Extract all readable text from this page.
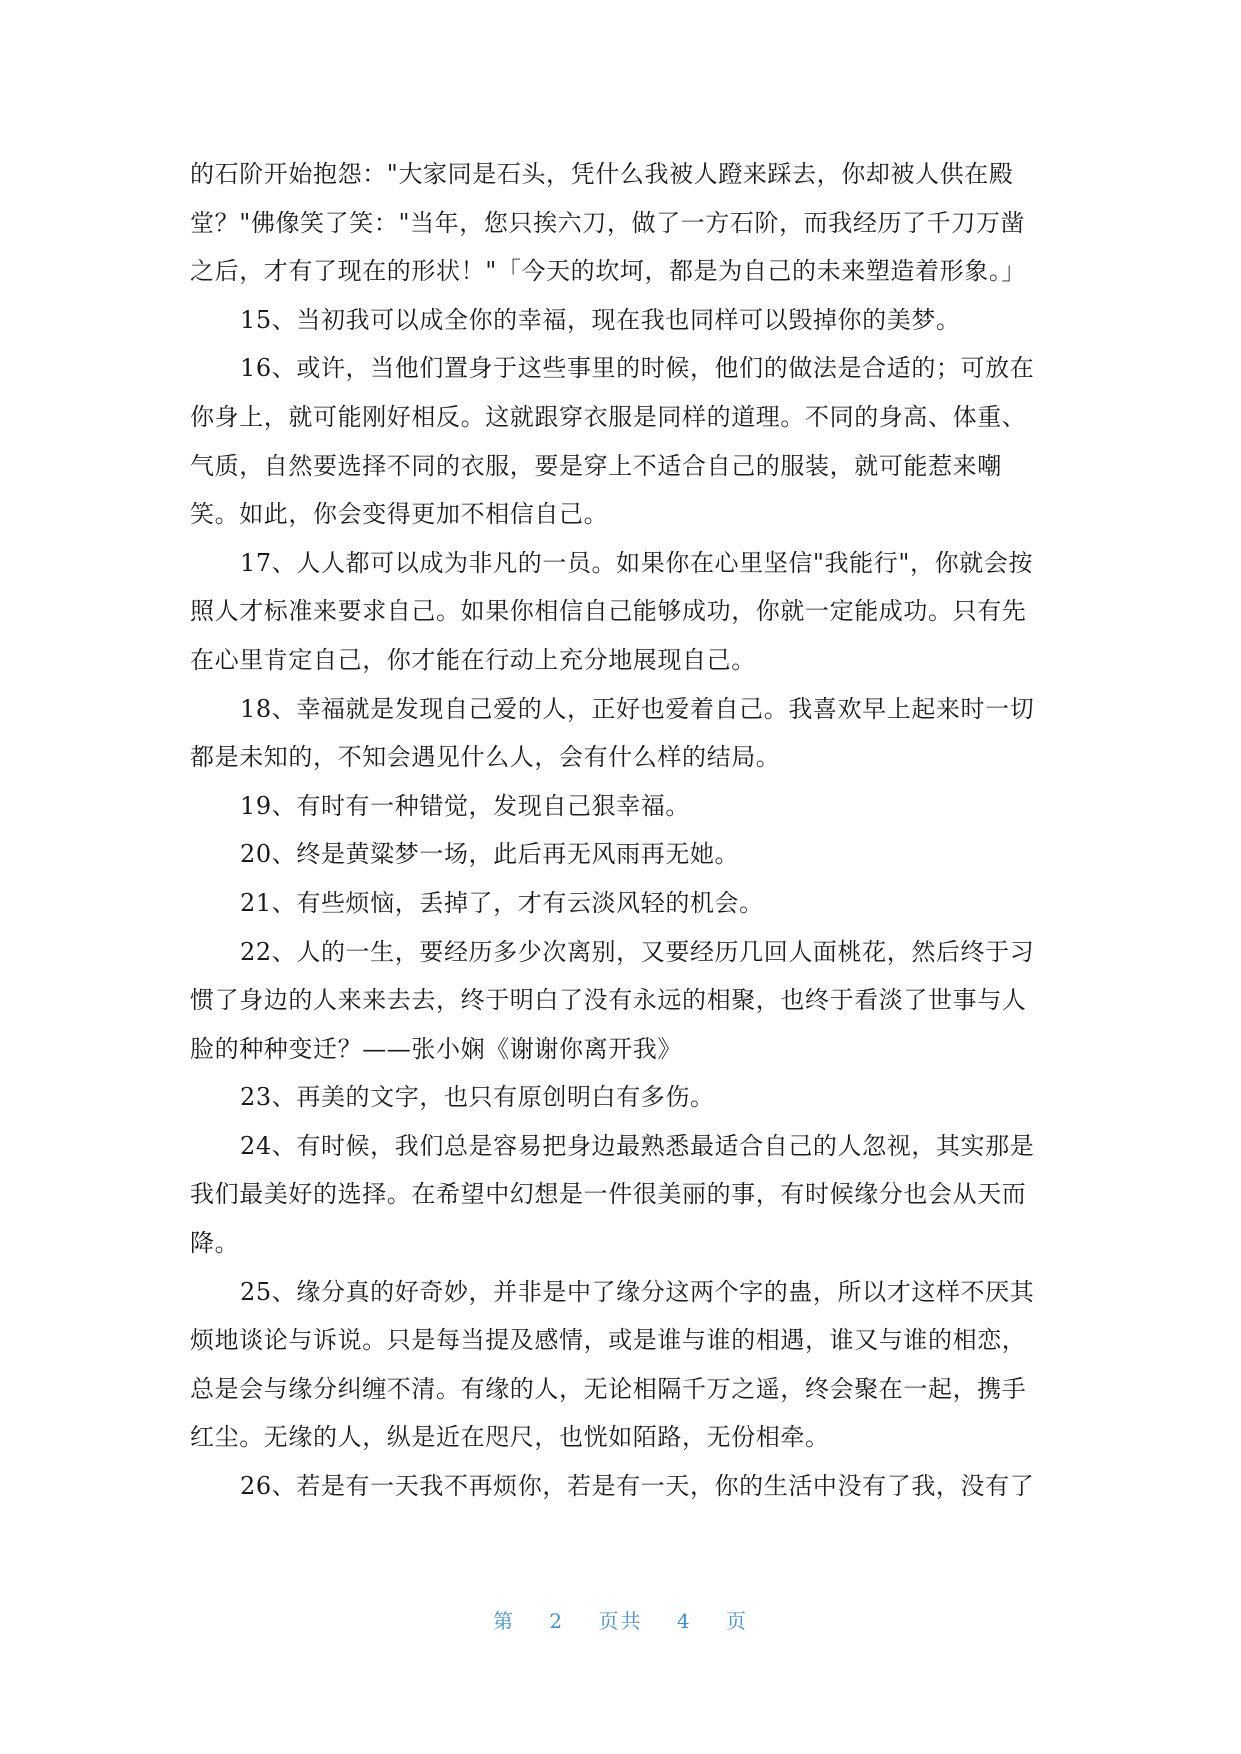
的石阶开始抱怨："大家同是石头，凭什么我被人蹬来踩去，你却被人供在殿
堂？"佛像笑了笑："当年，您只挨六刀，做了一方石阶，而我经历了千刀万凿
之后，才有了现在的形状！"「今天的坎坷，都是为自己的未来塑造着形象。」
15、当初我可以成全你的幸福，现在我也同样可以毁掉你的美梦。
16、或许，当他们置身于这些事里的时候，他们的做法是合适的；可放在
你身上，就可能刚好相反。这就跟穿衣服是同样的道理。不同的身高、体重、
气质，自然要选择不同的衣服，要是穿上不适合自己的服装，就可能惹来嘲
笑。如此，你会变得更加不相信自己。
17、人人都可以成为非凡的一员。如果你在心里坚信"我能行"，你就会按
照人才标准来要求自己。如果你相信自己能够成功，你就一定能成功。只有先
在心里肯定自己，你才能在行动上充分地展现自己。
18、幸福就是发现自己爱的人，正好也爱着自己。我喜欢早上起来时一切
都是未知的，不知会遇见什么人，会有什么样的结局。
19、有时有一种错觉，发现自己狠幸福。
20、终是黄粱梦一场，此后再无风雨再无她。
21、有些烦恼，丢掉了，才有云淡风轻的机会。
22、人的一生，要经历多少次离别，又要经历几回人面桃花，然后终于习
惯了身边的人来来去去，终于明白了没有永远的相聚，也终于看淡了世事与人
脸的种种变迁？——张小娴《谢谢你离开我》
23、再美的文字，也只有原创明白有多伤。
24、有时候，我们总是容易把身边最熟悉最适合自己的人忽视，其实那是
我们最美好的选择。在希望中幻想是一件很美丽的事，有时候缘分也会从天而
降。
25、缘分真的好奇妙，并非是中了缘分这两个字的蛊，所以才这样不厌其
烦地谈论与诉说。只是每当提及感情，或是谁与谁的相遇，谁又与谁的相恋，
总是会与缘分纠缠不清。有缘的人，无论相隔千万之遥，终会聚在一起，携手
红尘。无缘的人，纵是近在咫尺，也恍如陌路，无份相牵。
26、若是有一天我不再烦你，若是有一天，你的生活中没有了我，没有了
第 2 页共 4 页
